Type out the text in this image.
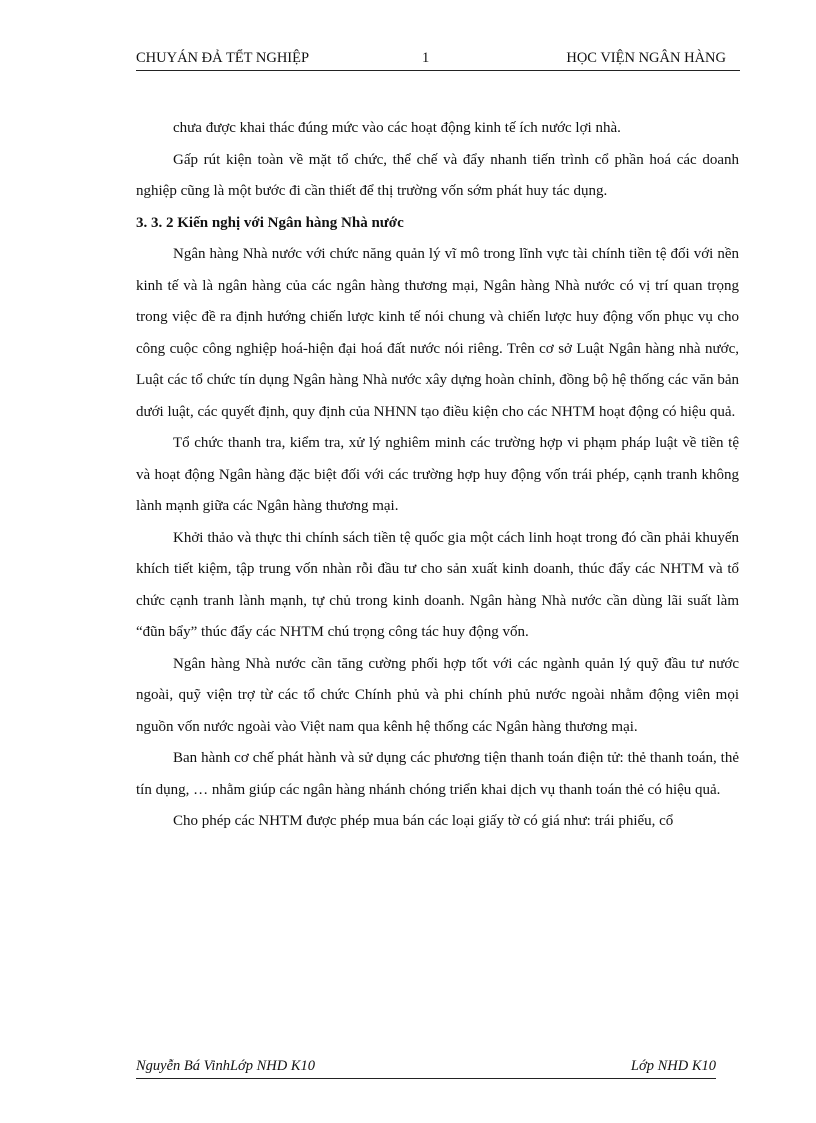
CHUYÁN ĐẢ TỂT NGHIỆP	1	HỌC VIỆN NGÂN HÀNG

chưa được khai thác đúng mức vào các hoạt động kinh tế ích nước lợi nhà.

Gấp rút kiện toàn về mặt tổ chức, thể chế và đẩy nhanh tiến trình cổ phần hoá các doanh nghiệp cũng là một bước đi cần thiết để thị trường vốn sớm phát huy tác dụng.

3. 3. 2 Kiến nghị với Ngân hàng Nhà nước

Ngân hàng Nhà nước với chức năng quản lý vĩ mô trong lĩnh vực tài chính tiền tệ đối với nền kinh tế và là ngân hàng của các ngân hàng thương mại, Ngân hàng Nhà nước có vị trí quan trọng trong việc đề ra định hướng chiến lược kinh tế nói chung và chiến lược huy động vốn phục vụ cho công cuộc công nghiệp hoá-hiện đại hoá đất nước nói riêng. Trên cơ sở Luật Ngân hàng nhà nước, Luật các tổ chức tín dụng Ngân hàng Nhà nước xây dựng hoàn chỉnh, đồng bộ hệ thống các văn bản dưới luật, các quyết định, quy định của NHNN tạo điều kiện cho các NHTM hoạt động có hiệu quả.

Tổ chức thanh tra, kiểm tra, xử lý nghiêm minh các trường hợp vi phạm pháp luật về tiền tệ và hoạt động Ngân hàng đặc biệt đối với các trường hợp huy động vốn trái phép, cạnh tranh không lành mạnh giữa các Ngân hàng thương mại.

Khởi thảo và thực thi chính sách tiền tệ quốc gia một cách linh hoạt trong đó cần phải khuyến khích tiết kiệm, tập trung vốn nhàn rỗi đầu tư cho sản xuất kinh doanh, thúc đẩy các NHTM và tổ chức cạnh tranh lành mạnh, tự chủ trong kinh doanh. Ngân hàng Nhà nước cần dùng lãi suất làm “đũn bẩy” thúc đẩy các NHTM chú trọng công tác huy động vốn.

Ngân hàng Nhà nước cần tăng cường phối hợp tốt với các ngành quản lý quỹ đầu tư nước ngoài, quỹ viện trợ từ các tổ chức Chính phủ và phi chính phủ nước ngoài nhằm động viên mọi nguồn vốn nước ngoài vào Việt nam qua kênh hệ thống các Ngân hàng thương mại.

Ban hành cơ chế phát hành và sử dụng các phương tiện thanh toán điện tử: thẻ thanh toán, thẻ tín dụng, … nhằm giúp các ngân hàng nhánh chóng triển khai dịch vụ thanh toán thẻ có hiệu quả.

Cho phép các NHTM được phép mua bán các loại giấy tờ có giá như: trái phiếu, cổ

Nguyễn Bá VinhLớp NHD K10	Lớp NHD K10
